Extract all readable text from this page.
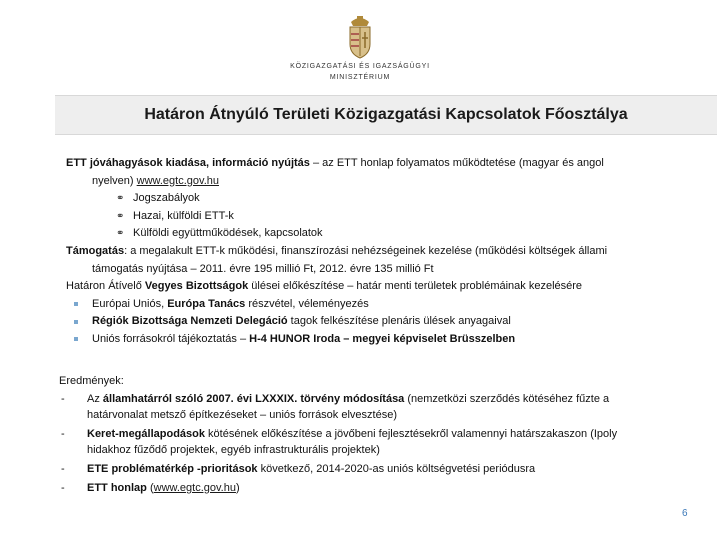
KÖZIGAZGATÁSI ÉS IGAZSÁGÜGYI
MINISZTÉRIUM
Határon Átnyúló Területi Közigazgatási Kapcsolatok Főosztálya
ETT jóváhagyások kiadása, információ nyújtás – az ETT honlap folyamatos működtetése (magyar és angol
nyelven) www.egtc.gov.hu
⚭ Jogszabályok
⚭ Hazai, külföldi ETT-k
⚭ Külföldi együttműködések, kapcsolatok
Támogatás: a megalakult ETT-k működési, finanszírozási nehézségeinek kezelése (működési költségek állami
támogatás nyújtása – 2011. évre 195 millió Ft, 2012. évre 135 millió Ft
Határon Átívelő Vegyes Bizottságok ülései előkészítése – határ menti területek problémáinak kezelésére
Európai Uniós, Európa Tanács részvétel, véleményezés
Régiók Bizottsága Nemzeti Delegáció tagok felkészítése plenáris ülések anyagaival
Uniós forrásokról tájékoztatás – H-4 HUNOR Iroda – megyei képviselet Brüsszelben
Eredmények:
-	Az államhatárról szóló 2007. évi LXXXIX. törvény módosítása (nemzetközi szerződés kötéséhez fűzte a
határvonalat metsző építkezéseket – uniós források elvesztése)
-	Keret-megállapodások kötésének előkészítése a jövőbeni fejlesztésekről valamennyi határszakaszon (Ipoly
hidakhoz fűződő projektek, egyéb infrastrukturális projektek)
-	ETE problématérkép -prioritások következő, 2014-2020-as uniós költségvetési periódusra
-	ETT honlap (www.egtc.gov.hu)
6
